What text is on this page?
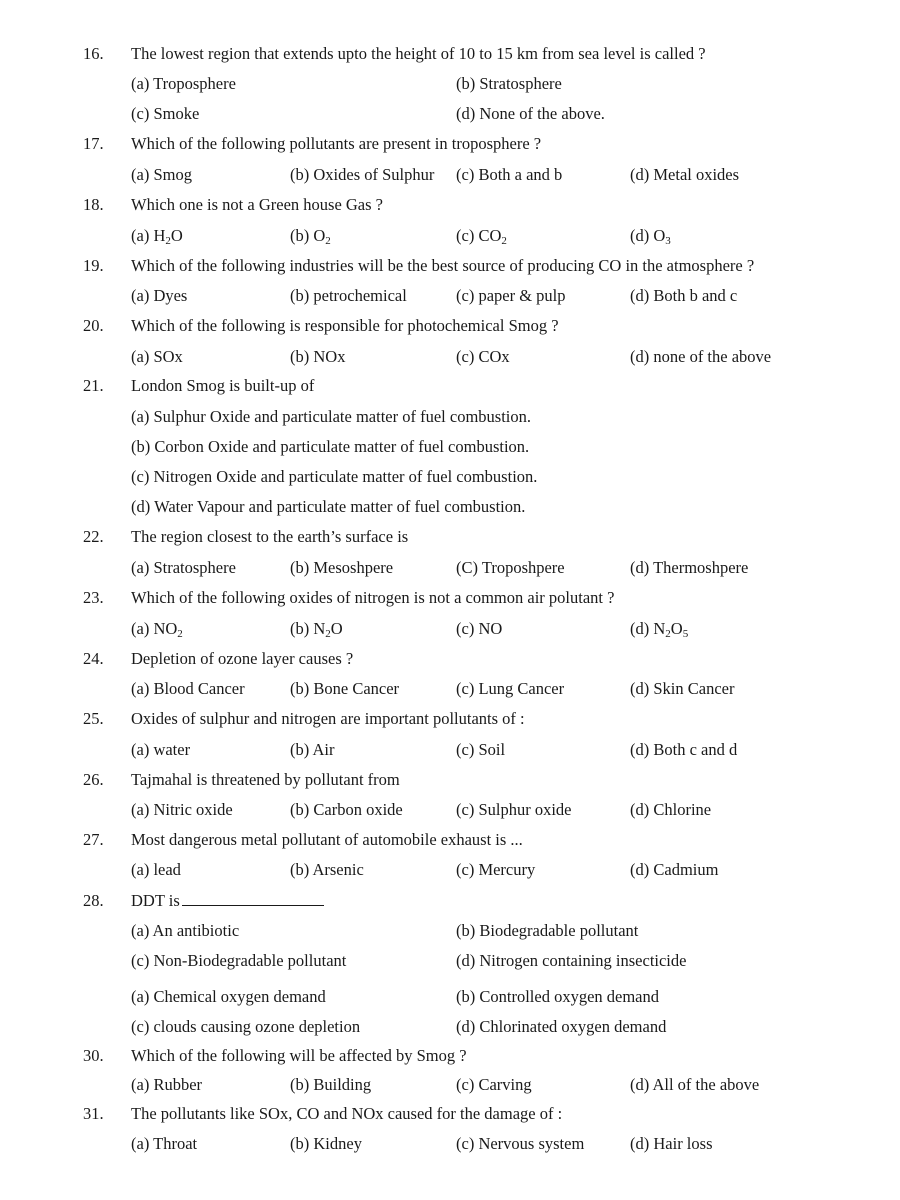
16. The lowest region that extends upto the height of 10 to 15 km from sea level is called ?
(a) Troposphere	(b) Stratosphere
(c) Smoke	(d) None of the above.
17. Which of the following pollutants are present in troposphere ?
(a) Smog	(b) Oxides of Sulphur (c) Both a and b	(d) Metal oxides
18. Which one is not a Green house Gas ?
(a) $H_2O$	(b) $O_2$	(c) $CO_2$	(d) $O_3$
19. Which of the following industries will be the best source of producing CO in the atmosphere ?
(a) Dyes	(b) petrochemical	(c) paper & pulp	(d) Both b and c
20. Which of the following is responsible for photochemical Smog ?
(a) SOx	(b) NOx	(c) COx	(d) none of the above
21. London Smog is built-up of
(a) Sulphur Oxide and particulate matter of fuel combustion.
(b) Corbon Oxide and particulate matter of fuel combustion.
(c) Nitrogen Oxide and particulate matter of fuel combustion.
(d) Water Vapour and particulate matter of fuel combustion.
22. The region closest to the earth’s surface is
(a) Stratosphere	(b) Mesoshpere	(C) Troposhpere	(d) Thermoshpere
23. Which of the following oxides of nitrogen is not a common air polutant ?
(a) $NO_2$	(b) $N_2O$	(c) NO	(d) $N_2O_5$
24. Depletion of ozone layer causes ?
(a) Blood Cancer	(b) Bone Cancer	(c) Lung Cancer	(d) Skin Cancer
25. Oxides of sulphur and nitrogen are important pollutants of :
(a) water	(b) Air	(c) Soil	(d) Both c and d
26. Tajmahal is threatened by pollutant from
(a) Nitric oxide	(b) Carbon oxide	(c) Sulphur oxide	(d) Chlorine
27. Most dangerous metal pollutant of automobile exhaust is ...
(a) lead	(b) Arsenic	(c) Mercury	(d) Cadmium
28. DDT is
(a) An antibiotic	(b) Biodegradable pollutant
(c) Non-Biodegradable pollutant	(d) Nitrogen containing insecticide
(a) Chemical oxygen demand	(b) Controlled oxygen demand
(c) clouds causing ozone depletion	(d) Chlorinated oxygen demand
30. Which of the following will be affected by Smog ?
(a) Rubber	(b) Building	(c) Carving	(d) All of the above
31. The pollutants like SOx, CO and NOx caused for the damage of :
(a) Throat	(b) Kidney	(c) Nervous system	(d) Hair loss
